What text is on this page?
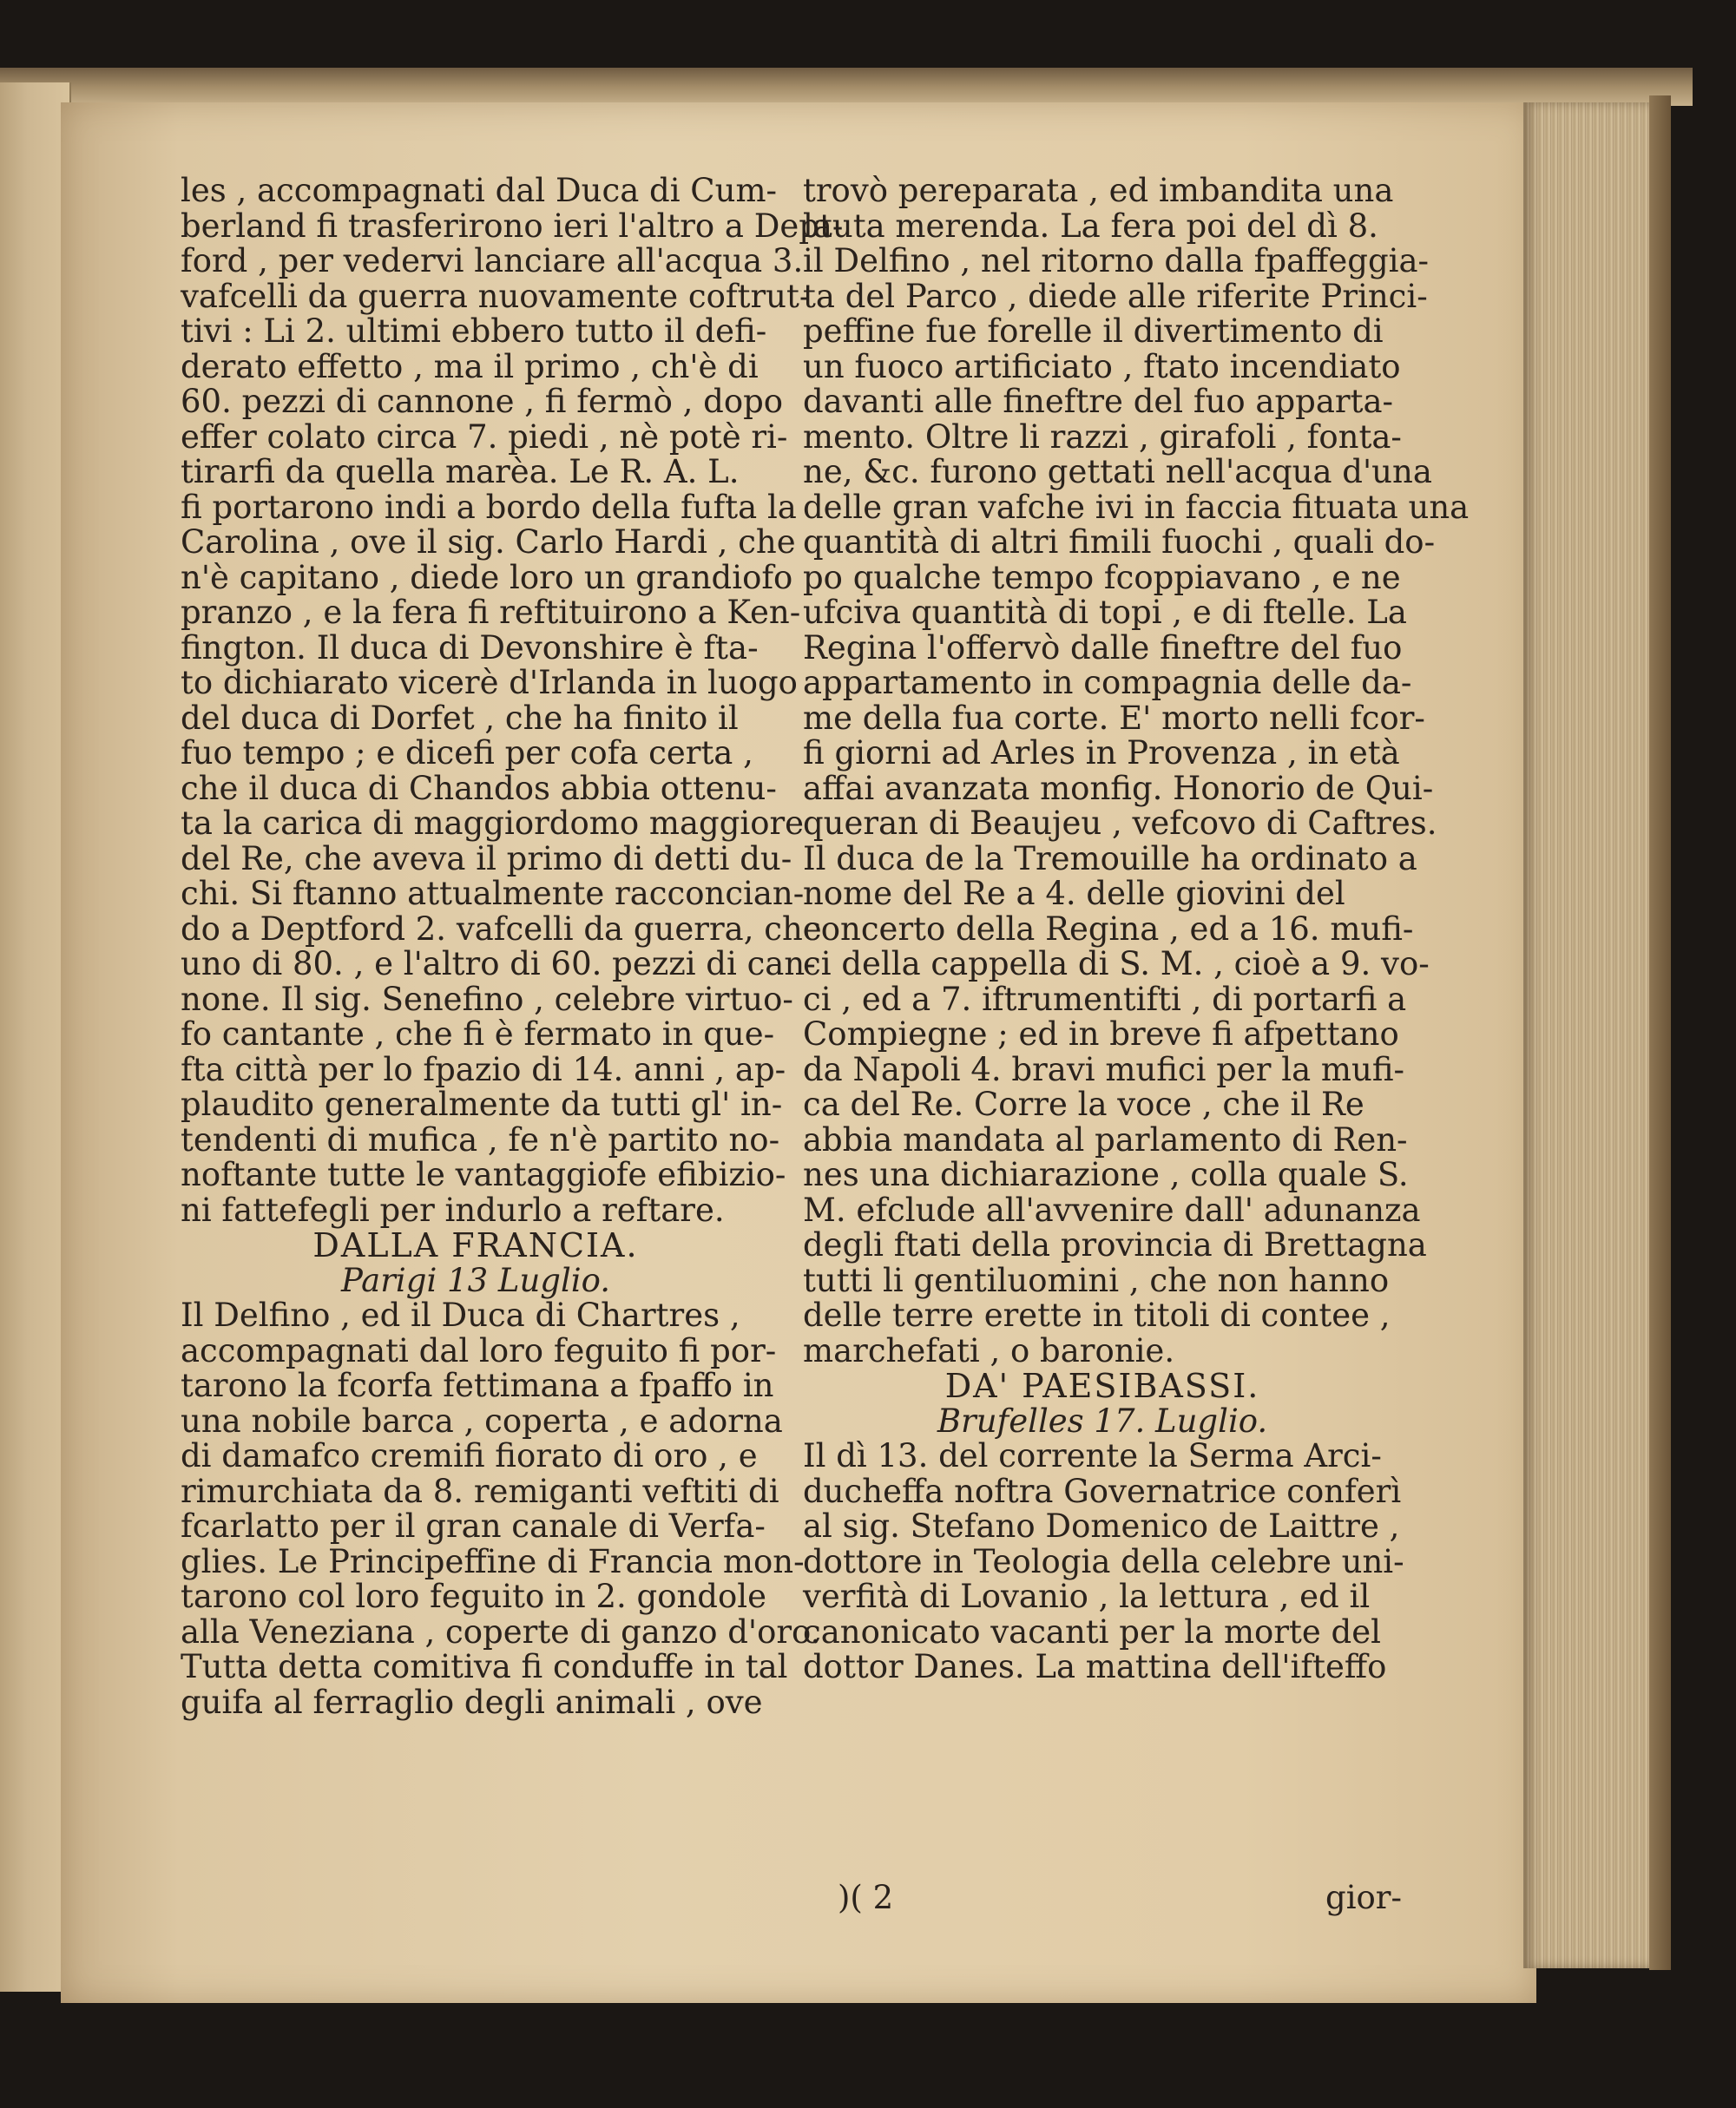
les , accompagnati dal Duca di Cum-
berland fi trasferirono ieri l'altro a Dept-
ford , per vedervi lanciare all'acqua 3.
vafcelli da guerra nuovamente coftrut-
tivi : Li 2. ultimi ebbero tutto il defi-
derato effetto , ma il primo , ch'è di
60. pezzi di cannone , fi fermò , dopo
effer colato circa 7. piedi , nè potè ri-
tirarfi da quella marèa. Le R. A. L.
fi portarono indi a bordo della fufta la
Carolina , ove il sig. Carlo Hardi , che
n'è capitano , diede loro un grandiofo
pranzo , e la fera fi reftituirono a Ken-
fington. Il duca di Devonshire è fta-
to dichiarato vicerè d'Irlanda in luogo
del duca di Dorfet , che ha finito il
fuo tempo ; e dicefi per cofa certa ,
che il duca di Chandos abbia ottenu-
ta la carica di maggiordomo maggiore
del Re, che aveva il primo di detti du-
chi. Si ftanno attualmente racconcian-
do a Deptford 2. vafcelli da guerra, che
uno di 80. , e l'altro di 60. pezzi di can-
none. Il sig. Senefino , celebre virtuo-
fo cantante , che fi è fermato in que-
fta città per lo fpazio di 14. anni , ap-
plaudito generalmente da tutti gl' in-
tendenti di mufica , fe n'è partito no-
noftante tutte le vantaggiofe efibizio-
ni fattefegli per indurlo a reftare.
DALLA FRANCIA.
Parigi 13 Luglio.
Il Delfino , ed il Duca di Chartres ,
accompagnati dal loro feguito fi por-
tarono la fcorfa fettimana a fpaffo in
una nobile barca , coperta , e adorna
di damafco cremifi fiorato di oro , e
rimurchiata da 8. remiganti veftiti di
fcarlatto per il gran canale di Verfa-
glies. Le Principeffine di Francia mon-
tarono col loro feguito in 2. gondole
alla Veneziana , coperte di ganzo d'oro.
Tutta detta comitiva fi conduffe in tal
guifa al ferraglio degli animali , ove
trovò pereparata , ed imbandita una
lauta merenda. La fera poi del dì 8.
il Delfino , nel ritorno dalla fpaffeggia-
ta del Parco , diede alle riferite Princi-
peffine fue forelle il divertimento di
un fuoco artificiato , ftato incendiato
davanti alle fineftre del fuo apparta-
mento. Oltre li razzi , girafoli , fonta-
ne, &c. furono gettati nell'acqua d'una
delle gran vafche ivi in faccia fituata una
quantità di altri fimili fuochi , quali do-
po qualche tempo fcoppiavano , e ne
ufciva quantità di topi , e di ftelle. La
Regina l'offervò dalle fineftre del fuo
appartamento in compagnia delle da-
me della fua corte. E' morto nelli fcor-
fi giorni ad Arles in Provenza , in età
affai avanzata monfig. Honorio de Qui-
queran di Beaujeu , vefcovo di Caftres.
Il duca de la Tremouille ha ordinato a
nome del Re a 4. delle giovini del
concerto della Regina , ed a 16. mufi-
ci della cappella di S. M. , cioè a 9. vo-
ci , ed a 7. iftrumentifti , di portarfi a
Compiegne ; ed in breve fi afpettano
da Napoli 4. bravi mufici per la mufi-
ca del Re. Corre la voce , che il Re
abbia mandata al parlamento di Ren-
nes una dichiarazione , colla quale S.
M. efclude all'avvenire dall' adunanza
degli ftati della provincia di Brettagna
tutti li gentiluomini , che non hanno
delle terre erette in titoli di contee ,
marchefati , o baronie.
DA' PAESIBASSI.
Brufelles 17. Luglio.
Il dì 13. del corrente la Serma Arci-
ducheffa noftra Governatrice conferì
al sig. Stefano Domenico de Laittre ,
dottore in Teologia della celebre uni-
verfità di Lovanio , la lettura , ed il
canonicato vacanti per la morte del
dottor Danes. La mattina dell'ifteffo
)( 2	gior-
